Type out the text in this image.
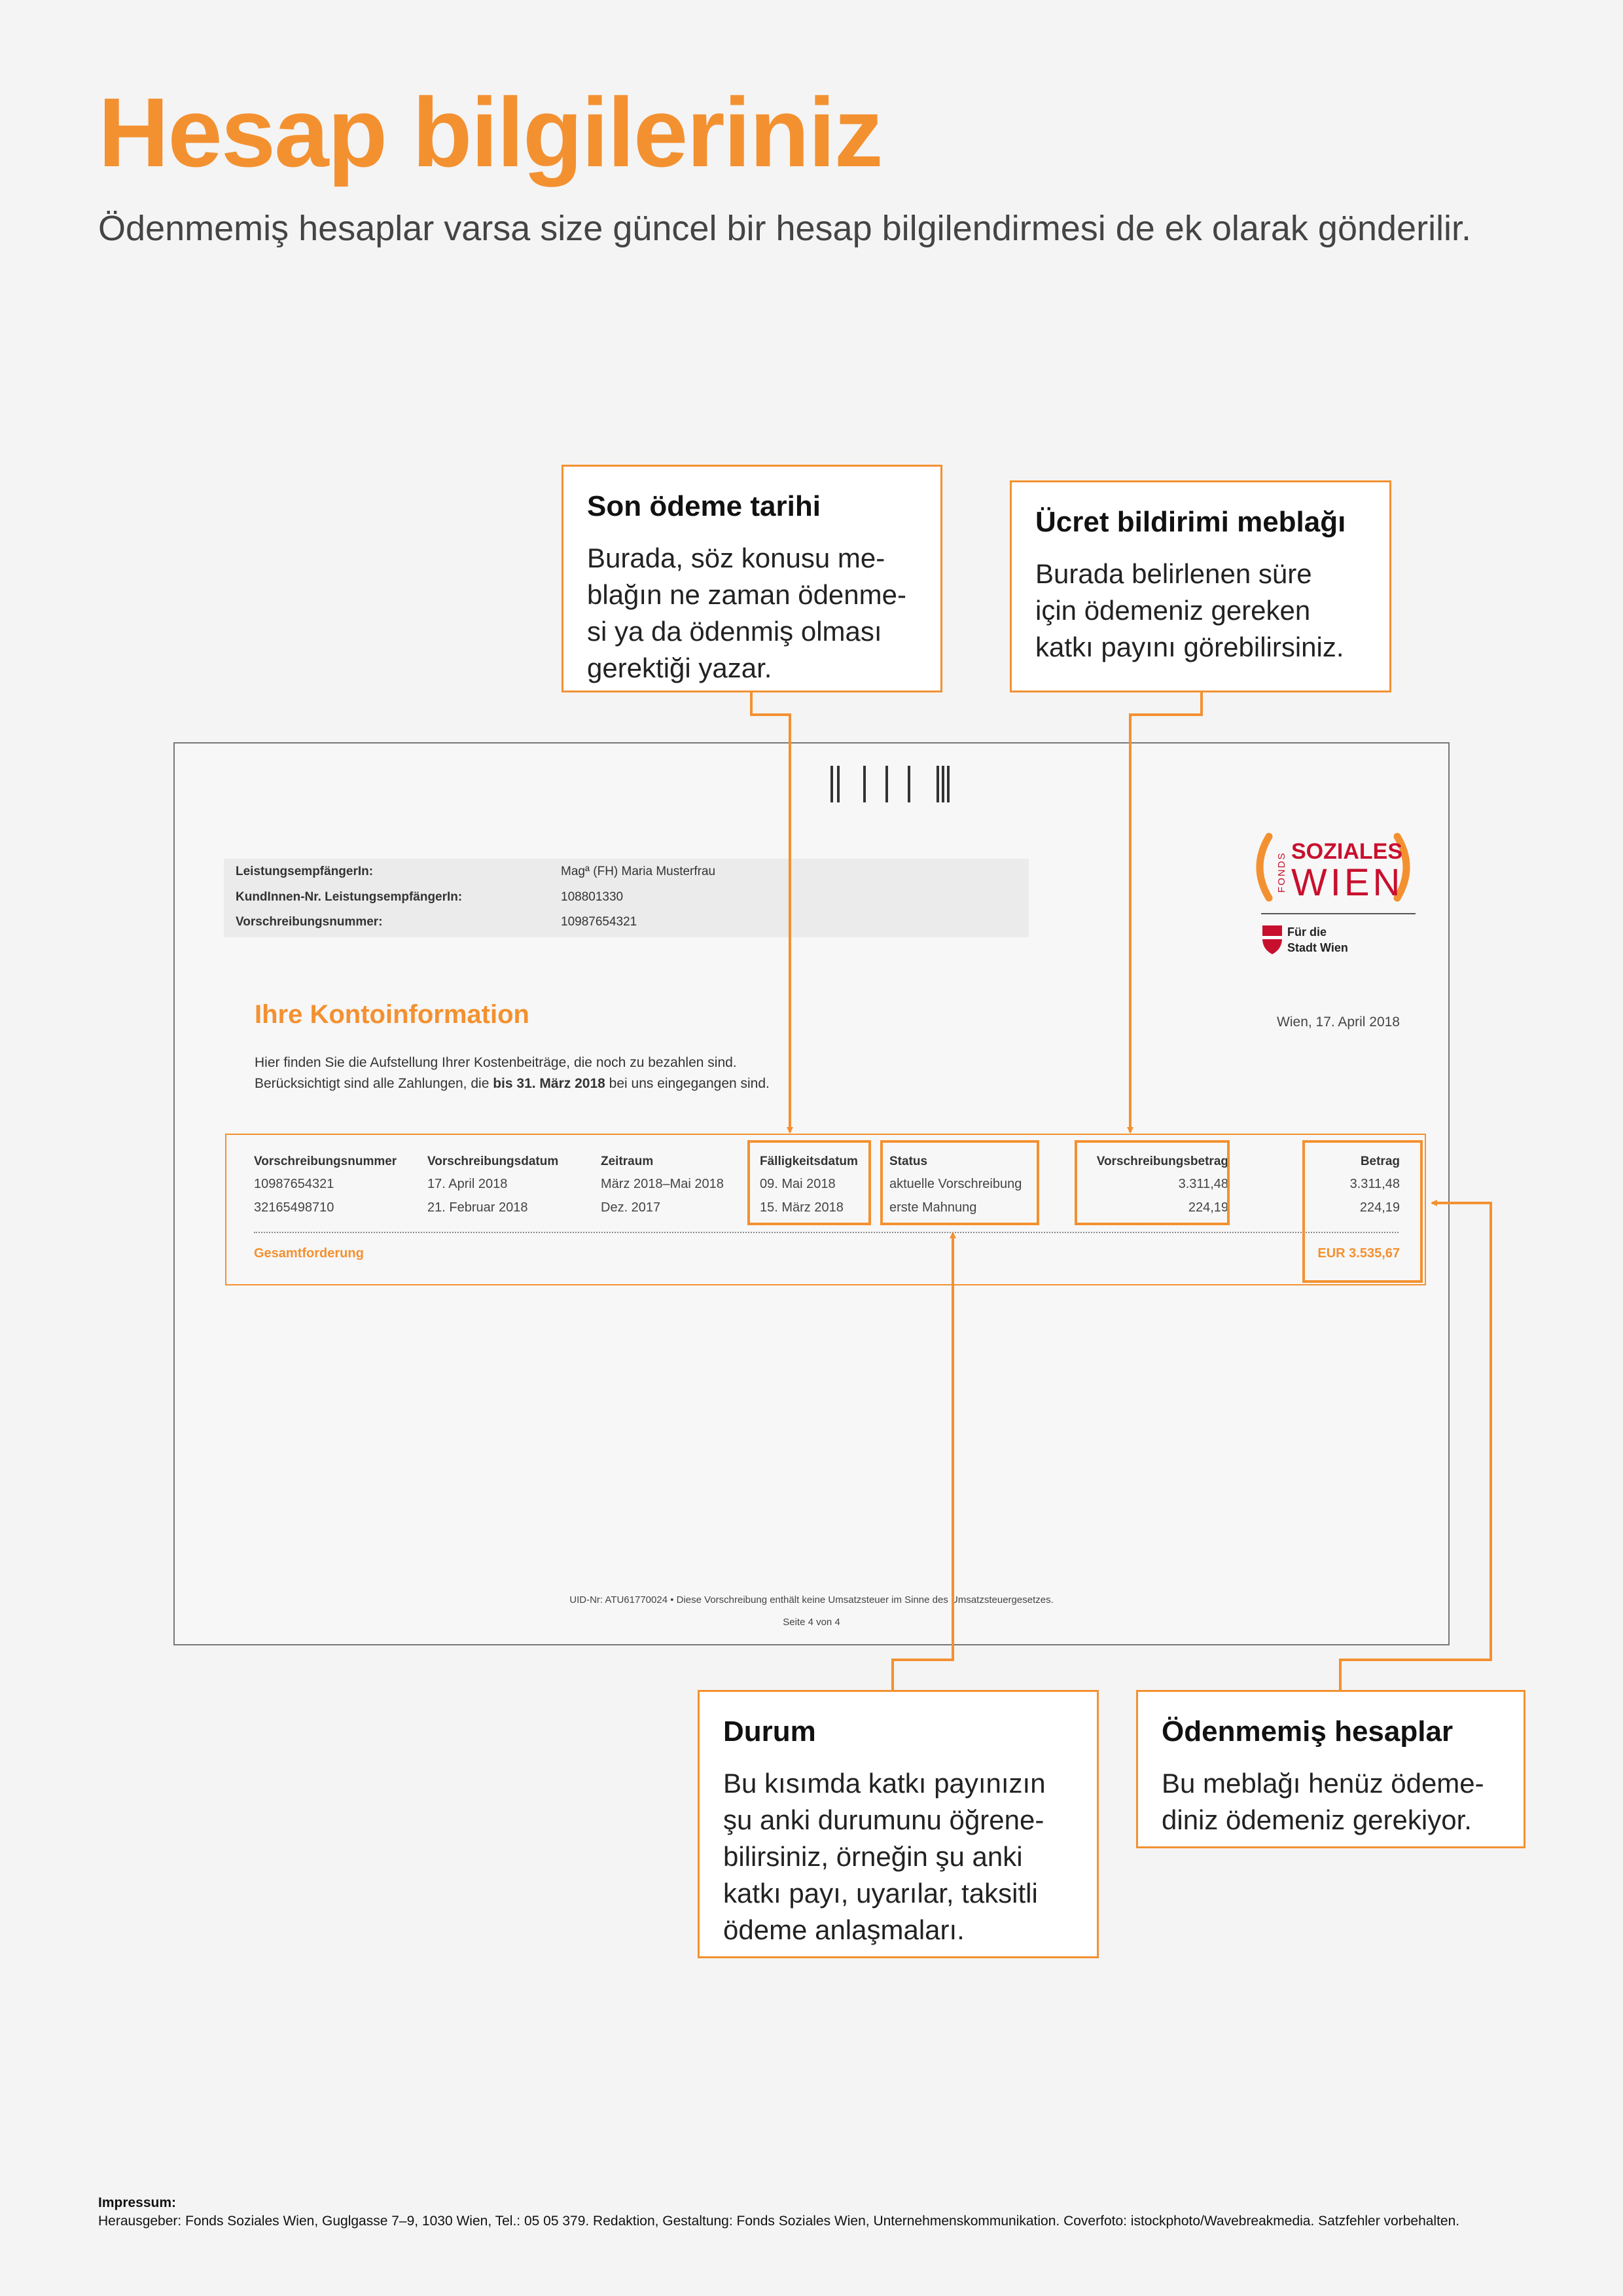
Hesap bilgileriniz
Ödenmemiş hesaplar varsa size güncel bir hesap bilgilendirmesi de ek olarak gönderilir.
Son ödeme tarihi

Burada, söz konusu me-
blağın ne zaman ödenme-
si ya da ödenmiş olması
gerektiği yazar.

Ücret bildirimi meblağı

Burada belirlenen süre
için ödemeniz gereken
katkı payını görebilirsiniz.

Durum

Bu kısımda katkı payınızın
şu anki durumunu öğrene-
bilirsiniz, örneğin şu anki
katkı payı, uyarılar, taksitli
ödeme anlaşmaları.

Ödenmemiş hesaplar

Bu meblağı henüz ödeme-
diniz ödemeniz gerekiyor.

LeistungsempfängerIn:	Magª (FH) Maria Musterfrau
KundInnen-Nr. LeistungsempfängerIn:	108801330
Vorschreibungsnummer:	10987654321
FONDS
SOZIALES
WIEN
Für die
Stadt Wien
Ihre Kontoinformation	Wien, 17. April 2018
Hier finden Sie die Aufstellung Ihrer Kostenbeiträge, die noch zu bezahlen sind.
Berücksichtigt sind alle Zahlungen, die bis 31. März 2018 bei uns eingegangen sind.
Vorschreibungsnummer Vorschreibungsdatum	Zeitraum	Fälligkeitsdatum	Status	Vorschreibungsbetrag	Betrag
10987654321	17. April 2018	März 2018–Mai 2018	09. Mai 2018	aktuelle Vorschreibung	3.311,48	3.311,48
32165498710	21. Februar 2018	Dez. 2017	15. März 2018	erste Mahnung	224,19	224,19
Gesamtforderung	EUR 3.535,67
UID-Nr: ATU61770024 • Diese Vorschreibung enthält keine Umsatzsteuer im Sinne des Umsatzsteuergesetzes.
Seite 4 von 4
Impressum:
Herausgeber: Fonds Soziales Wien, Guglgasse 7–9, 1030 Wien, Tel.: 05 05 379. Redaktion, Gestaltung: Fonds Soziales Wien, Unternehmenskommunikation. Coverfoto: istockphoto/Wavebreakmedia. Satzfehler vorbehalten.
